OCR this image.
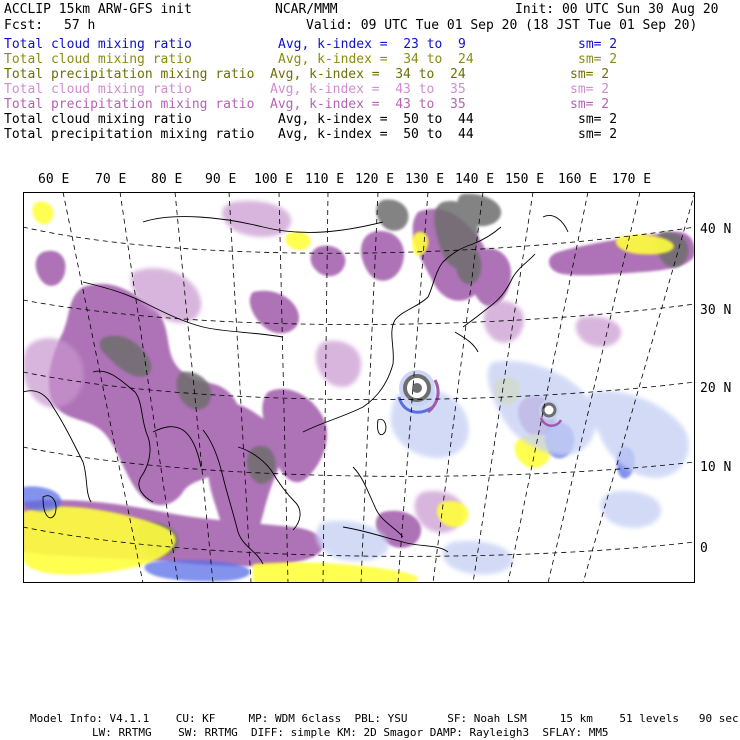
ACCLIP 15km ARW-GFS init	NCAR/MMM	Init: 00 UTC Sun 30 Aug 20
Fcst: 57 h	Valid: 09 UTC Tue 01 Sep 20 (18 JST Tue 01 Sep 20)
Total cloud mixing ratio	Avg, k-index =  23 to  9	sm= 2
Total cloud mixing ratio	Avg, k-index =  34 to  24	sm= 2
Total precipitation mixing ratio Avg, k-index =  34 to  24	sm= 2
Total cloud mixing ratio	Avg, k-index =  43 to  35	sm= 2
Total precipitation mixing ratio Avg, k-index =  43 to  35	sm= 2
Total cloud mixing ratio	Avg, k-index =  50 to  44	sm= 2
Total precipitation mixing ratio Avg, k-index =  50 to  44	sm= 2
60 E 70 E 80 E 90 E 100 E 110 E 120 E 130 E 140 E 150 E 160 E 170 E
40 N
30 N
20 N
10 N
0
Model Info: V4.1.1    CU: KF     MP: WDM 6class  PBL: YSU      SF: Noah LSM     15 km    51 levels   90 sec
LW: RRTMG    SW: RRTMG  DIFF: simple KM: 2D Smagor DAMP: Rayleigh3  SFLAY: MM5
